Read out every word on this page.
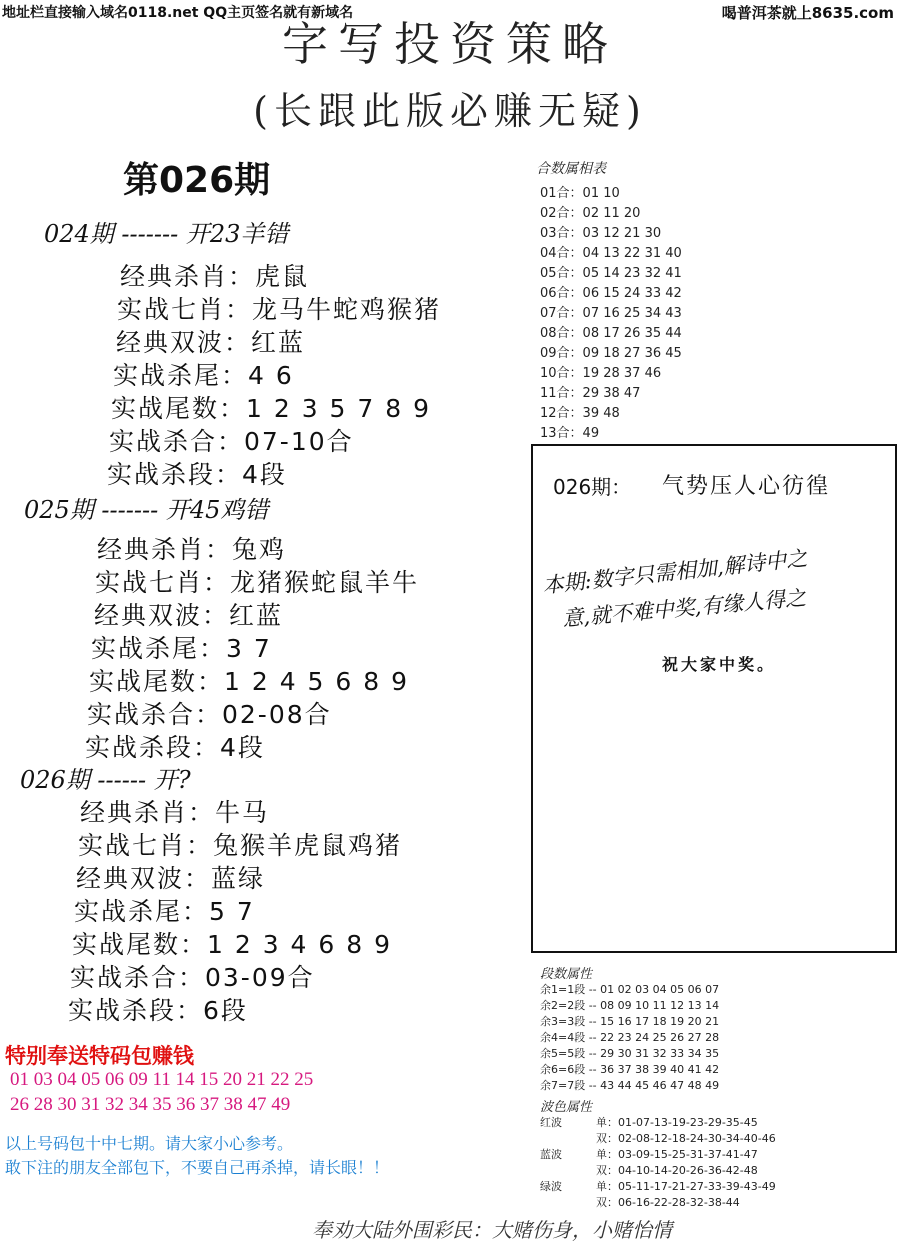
地址栏直接输入域名0118.net QQ主页签名就有新域名	喝普洱茶就上8635.com
字写投资策略
(长跟此版必赚无疑)
第026期
024期 ------- 开23羊错
经典杀肖：虎鼠
实战七肖：龙马牛蛇鸡猴猪
经典双波：红蓝
实战杀尾：4 6
实战尾数：1 2 3 5 7 8 9
实战杀合：07-10合
实战杀段：4段
025期 ------- 开45鸡错
经典杀肖：兔鸡
实战七肖：龙猪猴蛇鼠羊牛
经典双波：红蓝
实战杀尾：3 7
实战尾数：1 2 4 5 6 8 9
实战杀合：02-08合
实战杀段：4段
026期 ------ 开?
经典杀肖：牛马
实战七肖：兔猴羊虎鼠鸡猪
经典双波：蓝绿
实战杀尾：5 7
实战尾数：1 2 3 4 6 8 9
实战杀合：03-09合
实战杀段：6段
特别奉送特码包赚钱
01 03 04 05 06 09 11 14 15 20 21 22 25
26 28 30 31 32 34 35 36 37 38 47 49
以上号码包十中七期。请大家小心参考。
敢下注的朋友全部包下，不要自己再杀掉，请长眼！！
合数属相表
01合：01 10
02合：02 11 20
03合：03 12 21 30
04合：04 13 22 31 40
05合：05 14 23 32 41
06合：06 15 24 33 42
07合：07 16 25 34 43
08合：08 17 26 35 44
09合：09 18 27 36 45
10合：19 28 37 46
11合：29 38 47
12合：39 48
13合：49
026期： 气势压人心彷徨
本期:数字只需相加,解诗中之
意,就不难中奖,有缘人得之
祝大家中奖。
段数属性
余1=1段 -- 01 02 03 04 05 06 07
余2=2段 -- 08 09 10 11 12 13 14
余3=3段 -- 15 16 17 18 19 20 21
余4=4段 -- 22 23 24 25 26 27 28
余5=5段 -- 29 30 31 32 33 34 35
余6=6段 -- 36 37 38 39 40 41 42
余7=7段 -- 43 44 45 46 47 48 49
波色属性
红波	单：01-07-13-19-23-29-35-45
双：02-08-12-18-24-30-34-40-46
蓝波	单：03-09-15-25-31-37-41-47
双：04-10-14-20-26-36-42-48
绿波	单：05-11-17-21-27-33-39-43-49
双：06-16-22-28-32-38-44
奉劝大陆外围彩民：大赌伤身，小赌怡情
